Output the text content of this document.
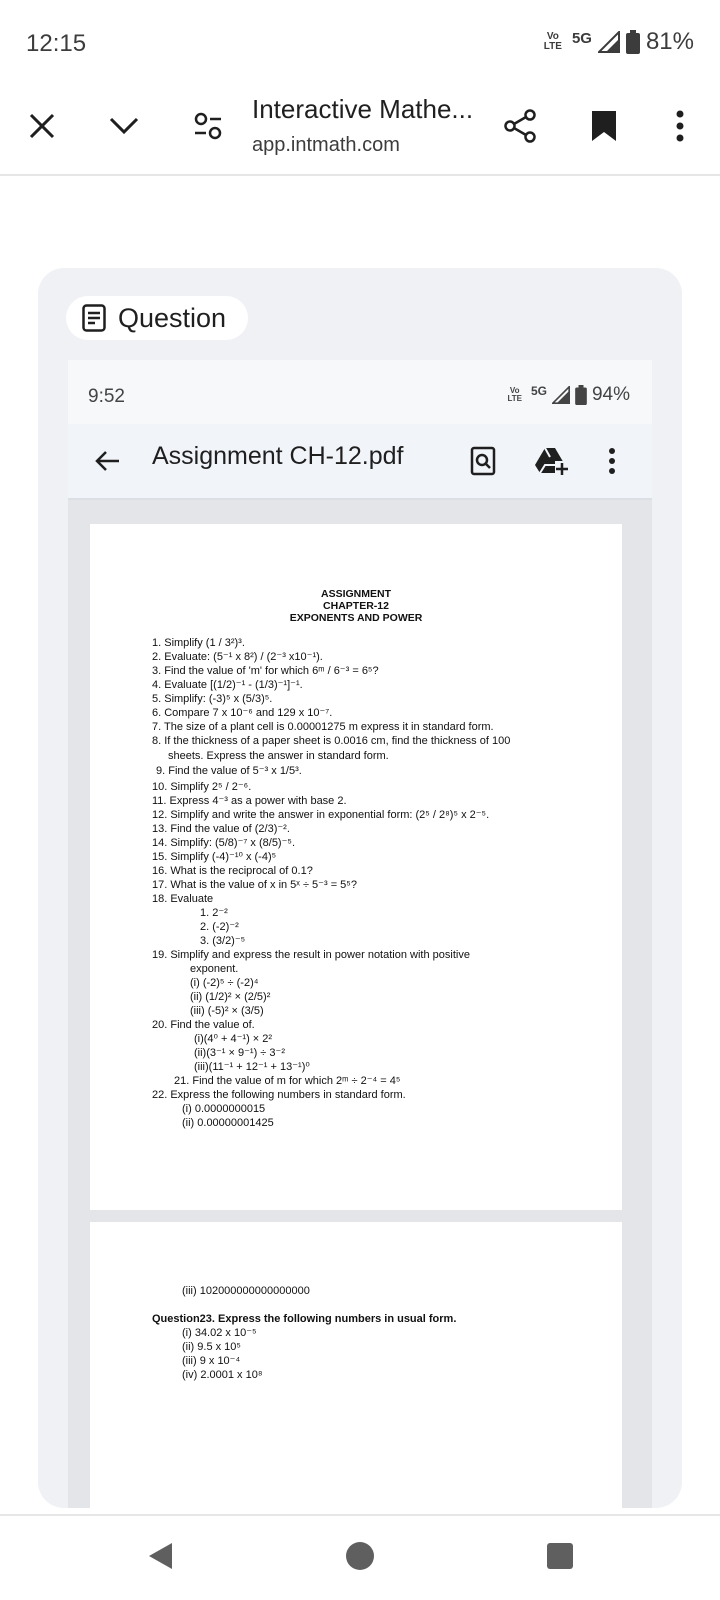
12:15	Vo
LTE 5G 81%
Interactive Mathe...
app.intmath.com
Question
9:52	Vo
LTE
5G 94%
Assignment CH-12.pdf
ASSIGNMENT
CHAPTER-12
EXPONENTS AND POWER
1. Simplify (1 / 3²)³.
2. Evaluate: (5⁻¹ x 8²) / (2⁻³ x10⁻¹).
3. Find the value of 'm' for which 6ᵐ / 6⁻³ = 6⁵?
4. Evaluate [(1/2)⁻¹ - (1/3)⁻¹]⁻¹.
5. Simplify: (-3)⁵ x (5/3)⁵.
6. Compare 7 x 10⁻⁶ and 129 x 10⁻⁷.
7. The size of a plant cell is 0.00001275 m express it in standard form.
8. If the thickness of a paper sheet is 0.0016 cm, find the thickness of 100
sheets. Express the answer in standard form.
9. Find the value of 5⁻³ x 1/5³.
10. Simplify 2⁵ / 2⁻⁶.
11. Express 4⁻³ as a power with base 2.
12. Simplify and write the answer in exponential form: (2⁵ / 2⁸)⁵ x 2⁻⁵.
13. Find the value of (2/3)⁻².
14. Simplify: (5/8)⁻⁷ x (8/5)⁻⁵.
15. Simplify (-4)⁻¹⁰ x (-4)⁵
16. What is the reciprocal of 0.1?
17. What is the value of x in 5ˣ ÷ 5⁻³ = 5⁵?
18. Evaluate
1. 2⁻²
2. (-2)⁻²
3. (3/2)⁻⁵
19. Simplify and express the result in power notation with positive
exponent.
(i) (-2)⁵ ÷ (-2)⁴
(ii) (1/2)² × (2/5)²
(iii) (-5)² × (3/5)
20. Find the value of.
(i)(4⁰ + 4⁻¹) × 2²
(ii)(3⁻¹ × 9⁻¹) ÷ 3⁻²
(iii)(11⁻¹ + 12⁻¹ + 13⁻¹)⁰
21. Find the value of m for which 2ᵐ ÷ 2⁻⁴ = 4⁵
22. Express the following numbers in standard form.
(i) 0.0000000015
(ii) 0.00000001425
(iii) 102000000000000000
Question23. Express the following numbers in usual form.
(i) 34.02 x 10⁻⁵
(ii) 9.5 x 10⁵
(iii) 9 x 10⁻⁴
(iv) 2.0001 x 10⁸
